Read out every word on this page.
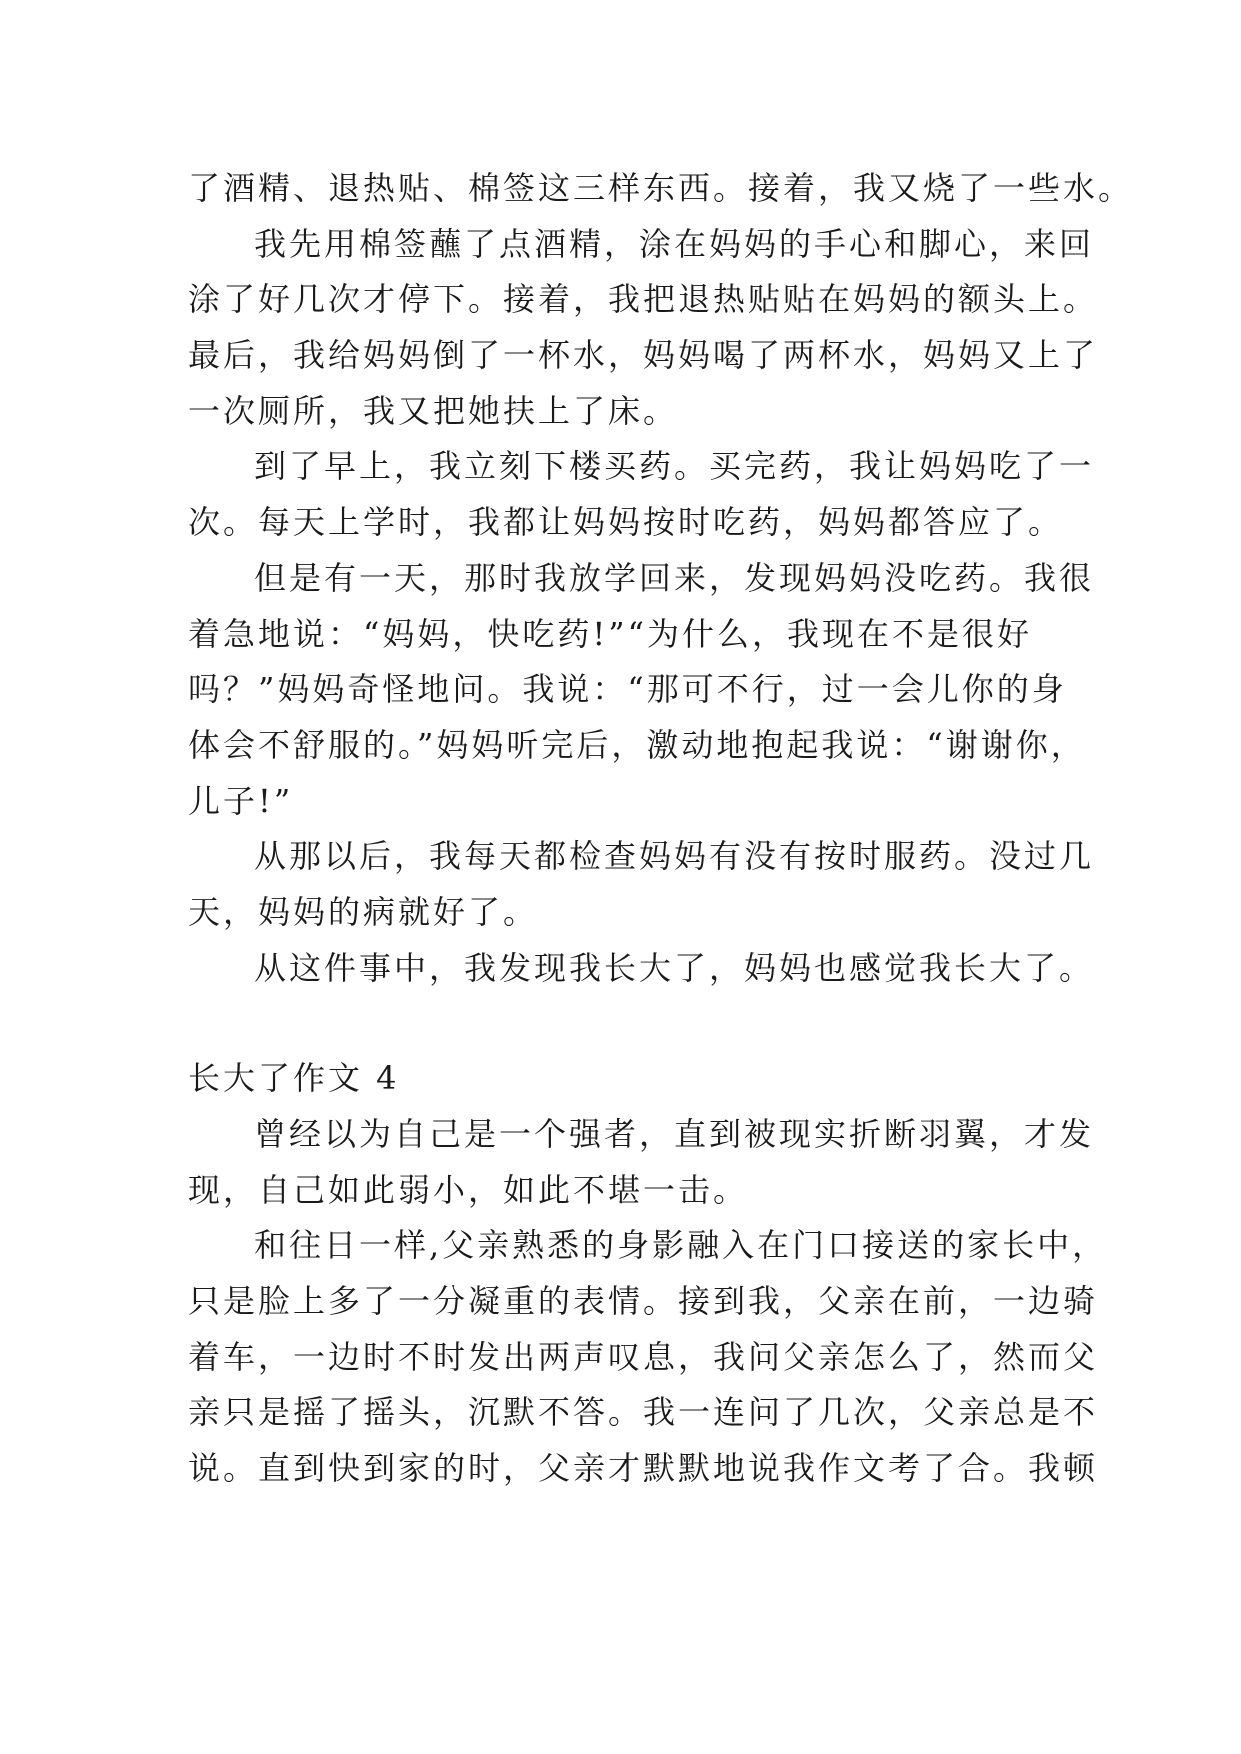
了酒精、退热贴、棉签这三样东西。接着，我又烧了一些水。
我先用棉签蘸了点酒精，涂在妈妈的手心和脚心，来回
涂了好几次才停下。接着，我把退热贴贴在妈妈的额头上。
最后，我给妈妈倒了一杯水，妈妈喝了两杯水，妈妈又上了
一次厕所，我又把她扶上了床。
到了早上，我立刻下楼买药。买完药，我让妈妈吃了一
次。每天上学时，我都让妈妈按时吃药，妈妈都答应了。
但是有一天，那时我放学回来，发现妈妈没吃药。我很
着急地说：“妈妈，快吃药!”“为什么，我现在不是很好
吗？”妈妈奇怪地问。我说：“那可不行，过一会儿你的身
体会不舒服的。”妈妈听完后，激动地抱起我说：“谢谢你，
儿子!”
从那以后，我每天都检查妈妈有没有按时服药。没过几
天，妈妈的病就好了。
从这件事中，我发现我长大了，妈妈也感觉我长大了。
长大了作文 4
曾经以为自己是一个强者，直到被现实折断羽翼，才发
现，自己如此弱小，如此不堪一击。
和往日一样,父亲熟悉的身影融入在门口接送的家长中，
只是脸上多了一分凝重的表情。接到我，父亲在前，一边骑
着车，一边时不时发出两声叹息，我问父亲怎么了，然而父
亲只是摇了摇头，沉默不答。我一连问了几次，父亲总是不
说。直到快到家的时，父亲才默默地说我作文考了合。我顿
